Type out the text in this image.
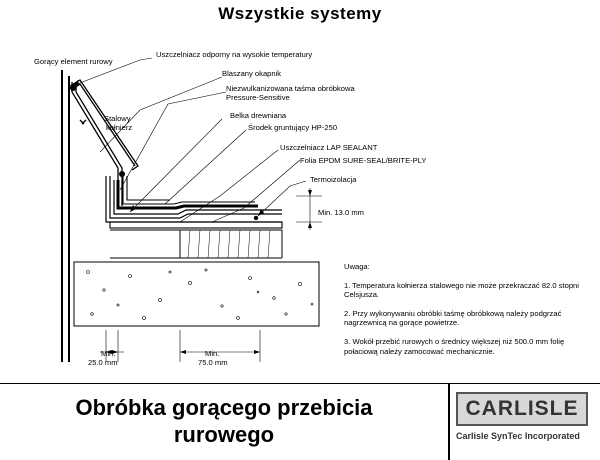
Wszystkie systemy
Gorący element rurowy
Uszczelniacz odporny na wysokie temperatury
Blaszany okapnik
Niezwulkanizowana taśma obróbkowa
Pressure-Sensitive
Stalowy
kołnierz
Belka drewniana
Środek gruntujący HP-250
Uszczelniacz LAP SEALANT
Folia EPDM SURE-SEAL/BRITE-PLY
Termoizolacja
Min. 13.0 mm
Min.
25.0 mm
Min.
75.0 mm

Uwaga:

1. Temperatura kołnierza stalowego nie może przekraczać 82.0 stopni Celsjusza.

2. Przy wykonywaniu obróbki taśmę obróbkową należy podgrzać nagrzewnicą na gorące powietrze.

3. Wokół przebić rurowych o średnicy większej niż 500.0 mm folię połaciową należy zamocować mechanicznie.

Obróbka gorącego przebicia
rurowego
CARLISLE
Carlisle SynTec Incorporated
